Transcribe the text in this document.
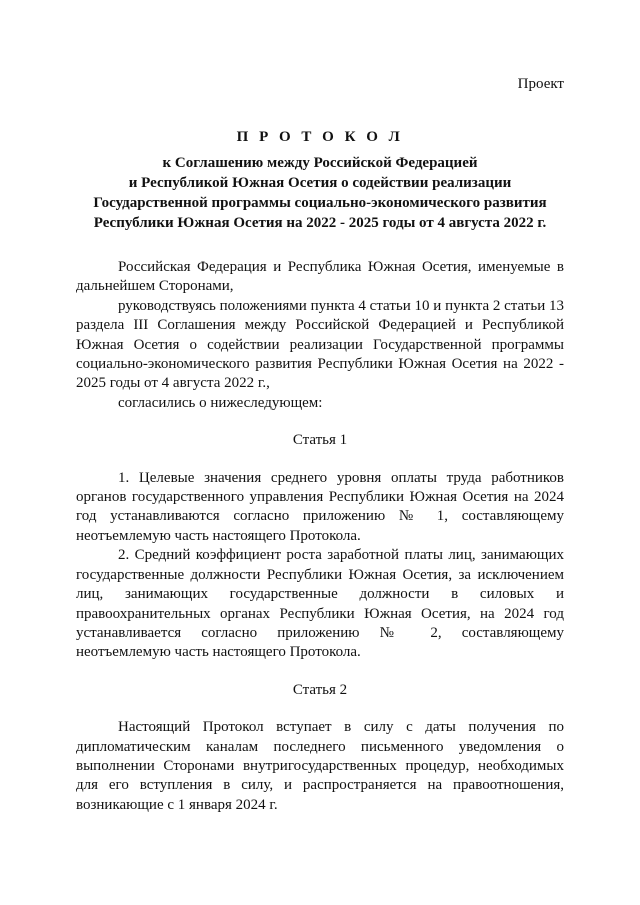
Проект
П Р О Т О К О Л
к Соглашению между Российской Федерацией
и Республикой Южная Осетия о содействии реализации
Государственной программы социально-экономического развития
Республики Южная Осетия на 2022 - 2025 годы от 4 августа 2022 г.

Российская Федерация и Республика Южная Осетия, именуемые в дальнейшем Сторонами,

руководствуясь положениями пункта 4 статьи 10 и пункта 2 статьи 13 раздела III Соглашения между Российской Федерацией и Республикой Южная Осетия о содействии реализации Государственной программы социально-экономического развития Республики Южная Осетия на 2022 - 2025 годы от 4 августа 2022 г.,

согласились о нижеследующем:

Статья 1

1. Целевые значения среднего уровня оплаты труда работников органов государственного управления Республики Южная Осетия на 2024 год устанавливаются согласно приложению № 1, составляющему неотъемлемую часть настоящего Протокола.

2. Средний коэффициент роста заработной платы лиц, занимающих государственные должности Республики Южная Осетия, за исключением лиц, занимающих государственные должности в силовых и правоохранительных органах Республики Южная Осетия, на 2024 год устанавливается согласно приложению № 2, составляющему неотъемлемую часть настоящего Протокола.

Статья 2

Настоящий Протокол вступает в силу с даты получения по дипломатическим каналам последнего письменного уведомления о выполнении Сторонами внутригосударственных процедур, необходимых для его вступления в силу, и распространяется на правоотношения, возникающие с 1 января 2024 г.
